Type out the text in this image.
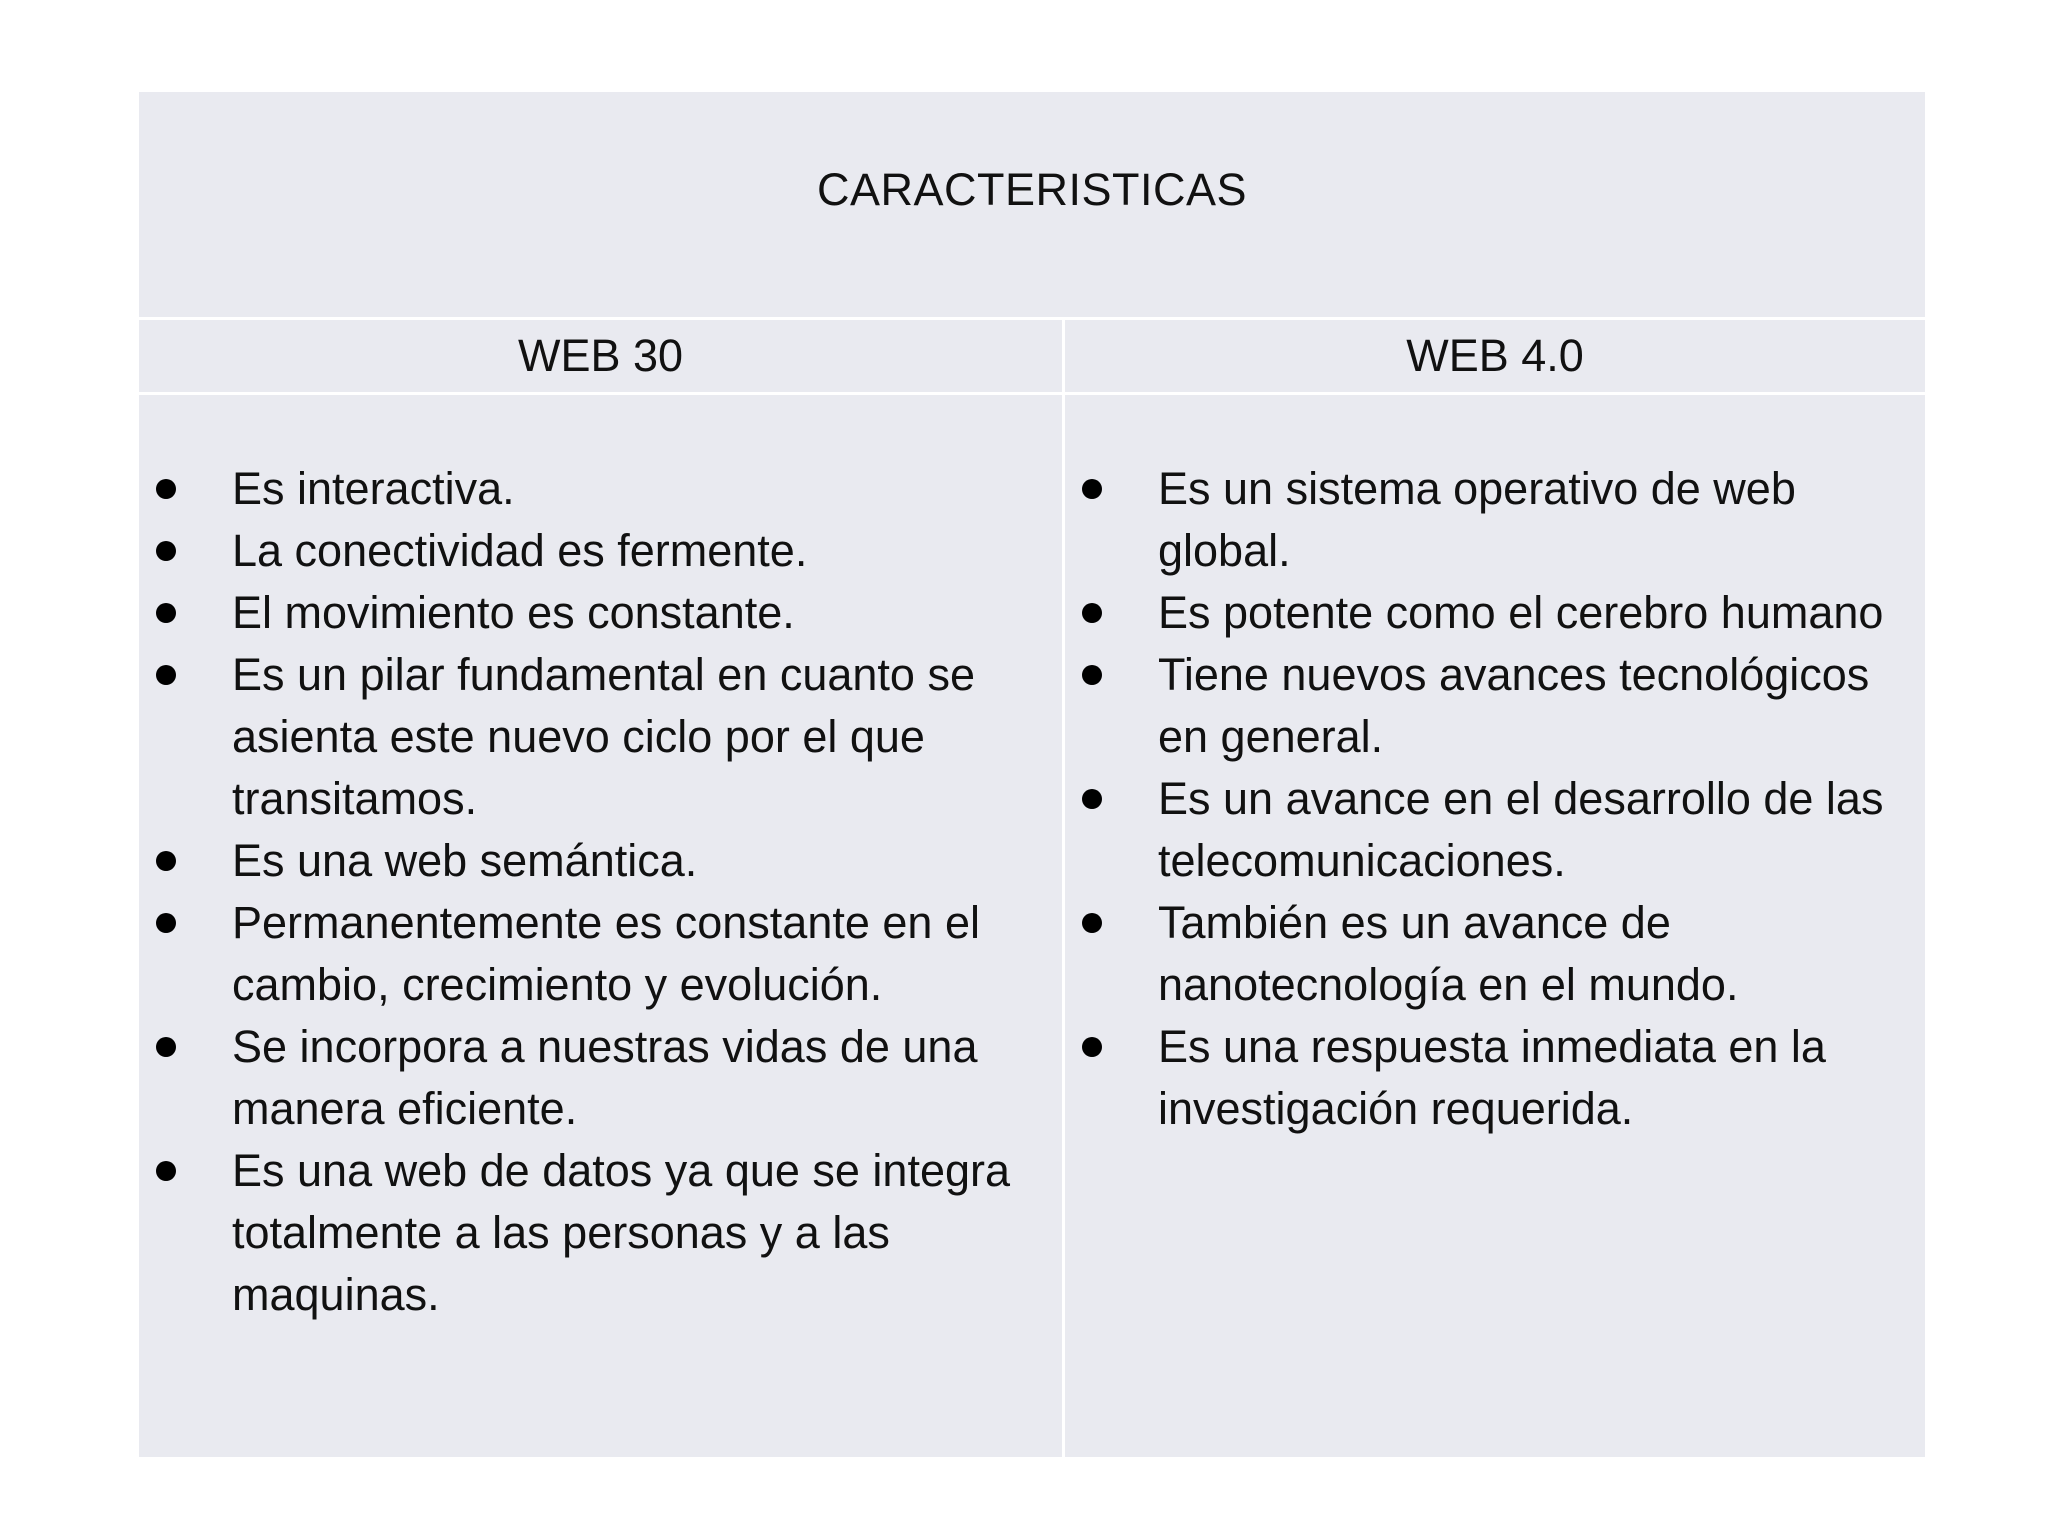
CARACTERISTICAS
WEB 30	WEB 4.0
Es interactiva.
La conectividad es fermente.
El movimiento es constante.
Es un pilar fundamental en cuanto se asienta este nuevo ciclo por el que transitamos.
Es una web semántica.
Permanentemente es constante en el cambio, crecimiento y evolución.
Se incorpora a nuestras vidas de una manera eficiente.
Es una web de datos ya que se integra totalmente a las personas y a las maquinas.
Es un sistema operativo de web global.
Es potente como el cerebro humano
Tiene nuevos avances tecnológicos en general.
Es un avance en el desarrollo de las telecomunicaciones.
También es un avance de nanotecnología en el mundo.
Es una respuesta inmediata en la investigación requerida.
